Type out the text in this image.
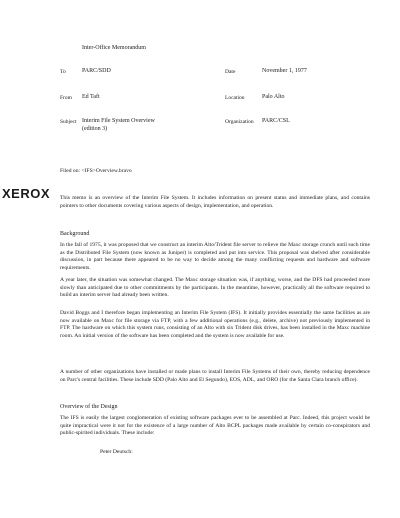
Inter-Office Memorandum
To	PARC/SDD	Date	November 1, 1977
From Ed Taft	Location	Palo Alto
Subject Interim File System Overview
(edition 3)
Organization PARC/CSL
XEROX
Filed on: <IFS>Overview.bravo
This memo is an overview of the Interim File System. It includes information on present status and immediate plans, and contains pointers to other documents covering various aspects of design, implementation, and operation.
Background
In the fall of 1975, it was proposed that we construct an interim Alto/Trident file server to relieve the Maxc storage crunch until such time as the Distributed File System (now known as Juniper) is completed and put into service. This proposal was shelved after considerable discussion, in part because there appeared to be no way to decide among the many conflicting requests and hardware and software requirements.
A year later, the situation was somewhat changed. The Maxc storage situation was, if anything, worse, and the DFS had proceeded more slowly than anticipated due to other commitments by the participants. In the meantime, however, practically all the software required to build an interim server had already been written.
David Boggs and I therefore began implementing an Interim File System (IFS). It initially provides essentially the same facilities as are now available on Maxc for file storage via FTP, with a few additional operations (e.g., delete, archive) not previously implemented in FTP. The hardware on which this system runs, consisting of an Alto with six Trident disk drives, has been installed in the Maxc machine room. An initial version of the software has been completed and the system is now available for use.
A number of other organizations have installed or made plans to install Interim File Systems of their own, thereby reducing dependence on Parc's central facilities. These include SDD (Palo Alto and El Segundo), EOS, ADL, and ORO (for the Santa Clara branch office).
Overview of the Design
The IFS is easily the largest conglomeration of existing software packages ever to be assembled at Parc. Indeed, this project would be quite impractical were it not for the existence of a large number of Alto BCPL packages made available by certain co-conspirators and public-spirited individuals. These include:
Peter Deutsch:
